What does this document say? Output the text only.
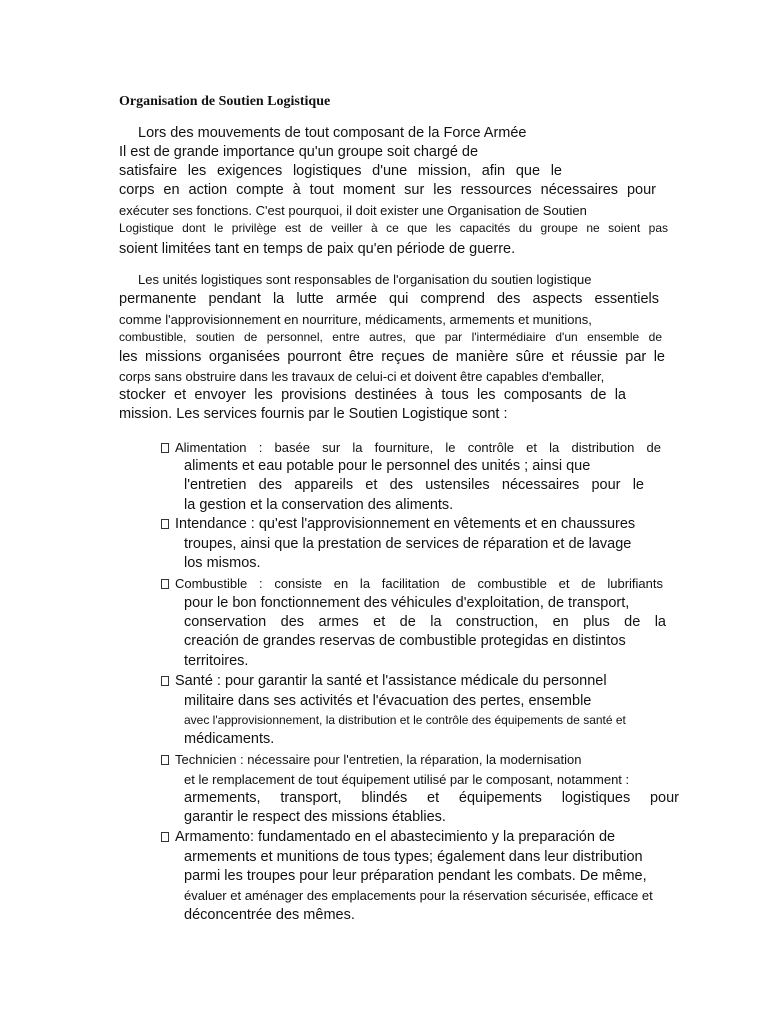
Organisation de Soutien Logistique
Lors des mouvements de tout composant de la Force Armée
Il est de grande importance qu'un groupe soit chargé de
satisfaire les exigences logistiques d'une mission, afin que le
corps en action compte à tout moment sur les ressources nécessaires pour
exécuter ses fonctions. C'est pourquoi, il doit exister une Organisation de Soutien
Logistique dont le privilège est de veiller à ce que les capacités du groupe ne soient pas
soient limitées tant en temps de paix qu'en période de guerre.
Les unités logistiques sont responsables de l'organisation du soutien logistique
permanente pendant la lutte armée qui comprend des aspects essentiels
comme l'approvisionnement en nourriture, médicaments, armements et munitions,
combustible, soutien de personnel, entre autres, que par l'intermédiaire d'un ensemble de
les missions organisées pourront être reçues de manière sûre et réussie par le
corps sans obstruire dans les travaux de celui-ci et doivent être capables d'emballer,
stocker et envoyer les provisions destinées à tous les composants de la
mission. Les services fournis par le Soutien Logistique sont :
Alimentation : basée sur la fourniture, le contrôle et la distribution de
aliments et eau potable pour le personnel des unités ; ainsi que
l'entretien des appareils et des ustensiles nécessaires pour le
la gestion et la conservation des aliments.
Intendance : qu'est l'approvisionnement en vêtements et en chaussures
troupes, ainsi que la prestation de services de réparation et de lavage
los mismos.
Combustible : consiste en la facilitation de combustible et de lubrifiants
pour le bon fonctionnement des véhicules d'exploitation, de transport,
conservation des armes et de la construction, en plus de la
creación de grandes reservas de combustible protegidas en distintos
territoires.
Santé : pour garantir la santé et l'assistance médicale du personnel
militaire dans ses activités et l'évacuation des pertes, ensemble
avec l'approvisionnement, la distribution et le contrôle des équipements de santé et
médicaments.
Technicien : nécessaire pour l'entretien, la réparation, la modernisation
et le remplacement de tout équipement utilisé par le composant, notamment :
armements, transport, blindés et équipements logistiques pour
garantir le respect des missions établies.
Armamento: fundamentado en el abastecimiento y la preparación de
armements et munitions de tous types; également dans leur distribution
parmi les troupes pour leur préparation pendant les combats. De même,
évaluer et aménager des emplacements pour la réservation sécurisée, efficace et
déconcentrée des mêmes.
